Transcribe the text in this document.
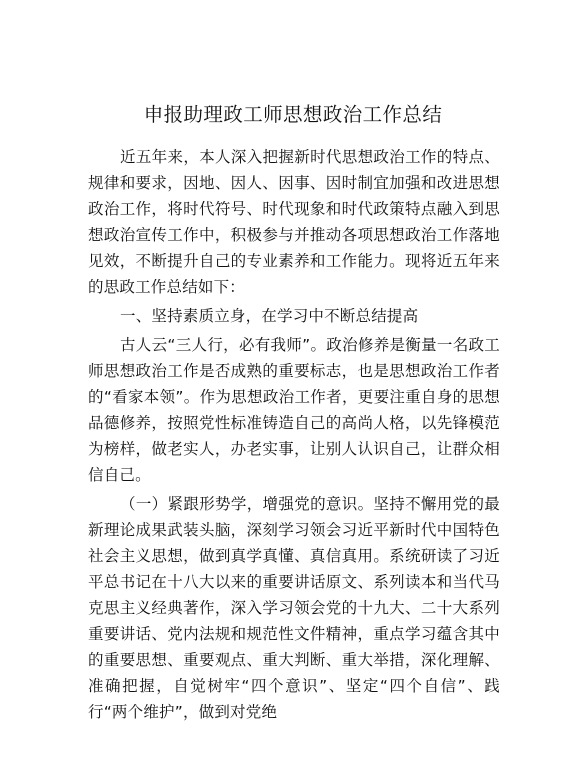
申报助理政工师思想政治工作总结

近五年来，本人深入把握新时代思想政治工作的特点、规律和要求，因地、因人、因事、因时制宜加强和改进思想政治工作，将时代符号、时代现象和时代政策特点融入到思想政治宣传工作中，积极参与并推动各项思想政治工作落地见效，不断提升自己的专业素养和工作能力。现将近五年来的思政工作总结如下：

一、坚持素质立身，在学习中不断总结提高

古人云“三人行，必有我师”。政治修养是衡量一名政工师思想政治工作是否成熟的重要标志，也是思想政治工作者的“看家本领”。作为思想政治工作者，更要注重自身的思想品德修养，按照党性标准铸造自己的高尚人格，以先锋模范为榜样，做老实人，办老实事，让别人认识自己，让群众相信自己。

（一）紧跟形势学，增强党的意识。坚持不懈用党的最新理论成果武装头脑，深刻学习领会习近平新时代中国特色社会主义思想，做到真学真懂、真信真用。系统研读了习近平总书记在十八大以来的重要讲话原文、系列读本和当代马克思主义经典著作，深入学习领会党的十九大、二十大系列重要讲话、党内法规和规范性文件精神，重点学习蕴含其中的重要思想、重要观点、重大判断、重大举措，深化理解、准确把握，自觉树牢“四个意识”、坚定“四个自信”、践行“两个维护”，做到对党绝
